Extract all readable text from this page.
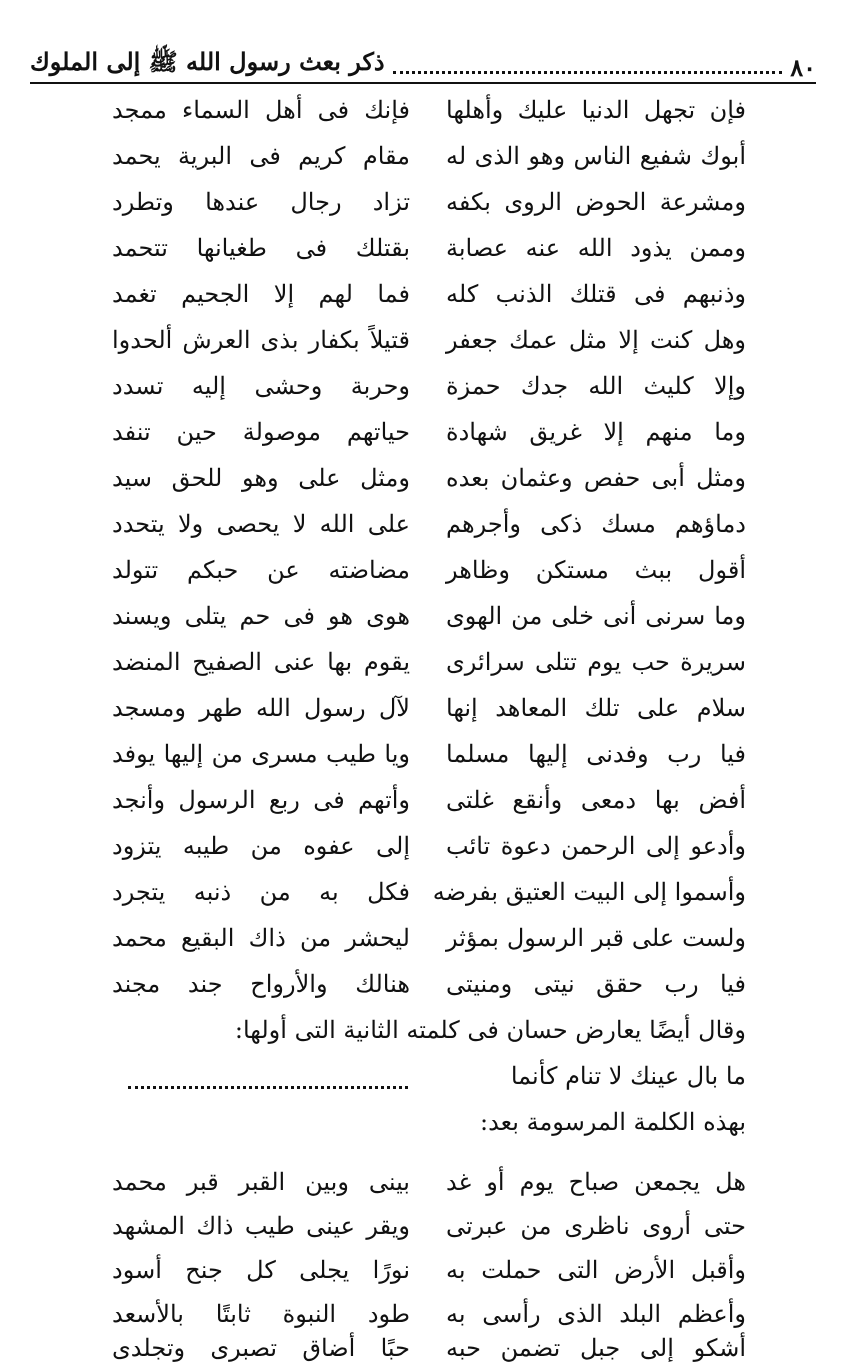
٨٠
ذكر بعث رسول الله ﷺ إلى الملوك
فإن تجهل الدنيا عليك وأهلها
فإنك فى أهل السماء ممجد
أبوك شفيع الناس وهو الذى له
مقام كريم فى البرية يحمد
ومشرعة الحوض الروى بكفه
تزاد رجال عندها وتطرد
وممن يذود الله عنه عصابة
بقتلك فى طغيانها تتحمد
وذنبهم فى قتلك الذنب كله
فما لهم إلا الجحيم تغمد
وهل كنت إلا مثل عمك جعفر
قتيلاً بكفار بذى العرش ألحدوا
وإلا كليث الله جدك حمزة
وحربة وحشى إليه تسدد
وما منهم إلا غريق شهادة
حياتهم موصولة حين تنفد
ومثل أبى حفص وعثمان بعده
ومثل على وهو للحق سيد
دماؤهم مسك ذكى وأجرهم
على الله لا يحصى ولا يتحدد
أقول ببث مستكن وظاهر
مضاضته عن حبكم تتولد
وما سرنى أنى خلى من الهوى
هوى هو فى حم يتلى ويسند
سريرة حب يوم تتلى سرائرى
يقوم بها عنى الصفيح المنضد
سلام على تلك المعاهد إنها
لآل رسول الله طهر ومسجد
فيا رب وفدنى إليها مسلما
ويا طيب مسرى من إليها يوفد
أفض بها دمعى وأنقع غلتى
وأتهم فى ربع الرسول وأنجد
وأدعو إلى الرحمن دعوة تائب
إلى عفوه من طيبه يتزود
وأسموا إلى البيت العتيق بفرضه
فكل به من ذنبه يتجرد
ولست على قبر الرسول بمؤثر
ليحشر من ذاك البقيع محمد
فيا رب حقق نيتى ومنيتى
هنالك والأرواح جند مجند
وقال أيضًا يعارض حسان فى كلمته الثانية التى أولها:
ما بال عينك لا تنام كأنما
بهذه الكلمة المرسومة بعد:
هل يجمعن صباح يوم أو غد
بينى وبين القبر قبر محمد
حتى أروى ناظرى من عبرتى
ويقر عينى طيب ذاك المشهد
وأقبل الأرض التى حملت به
نورًا يجلى كل جنح أسود
وأعظم البلد الذى رأسى به
طود النبوة ثابتًا بالأسعد
أشكو إلى جبل تضمن حبه
حبًا أضاق تصبرى وتجلدى
